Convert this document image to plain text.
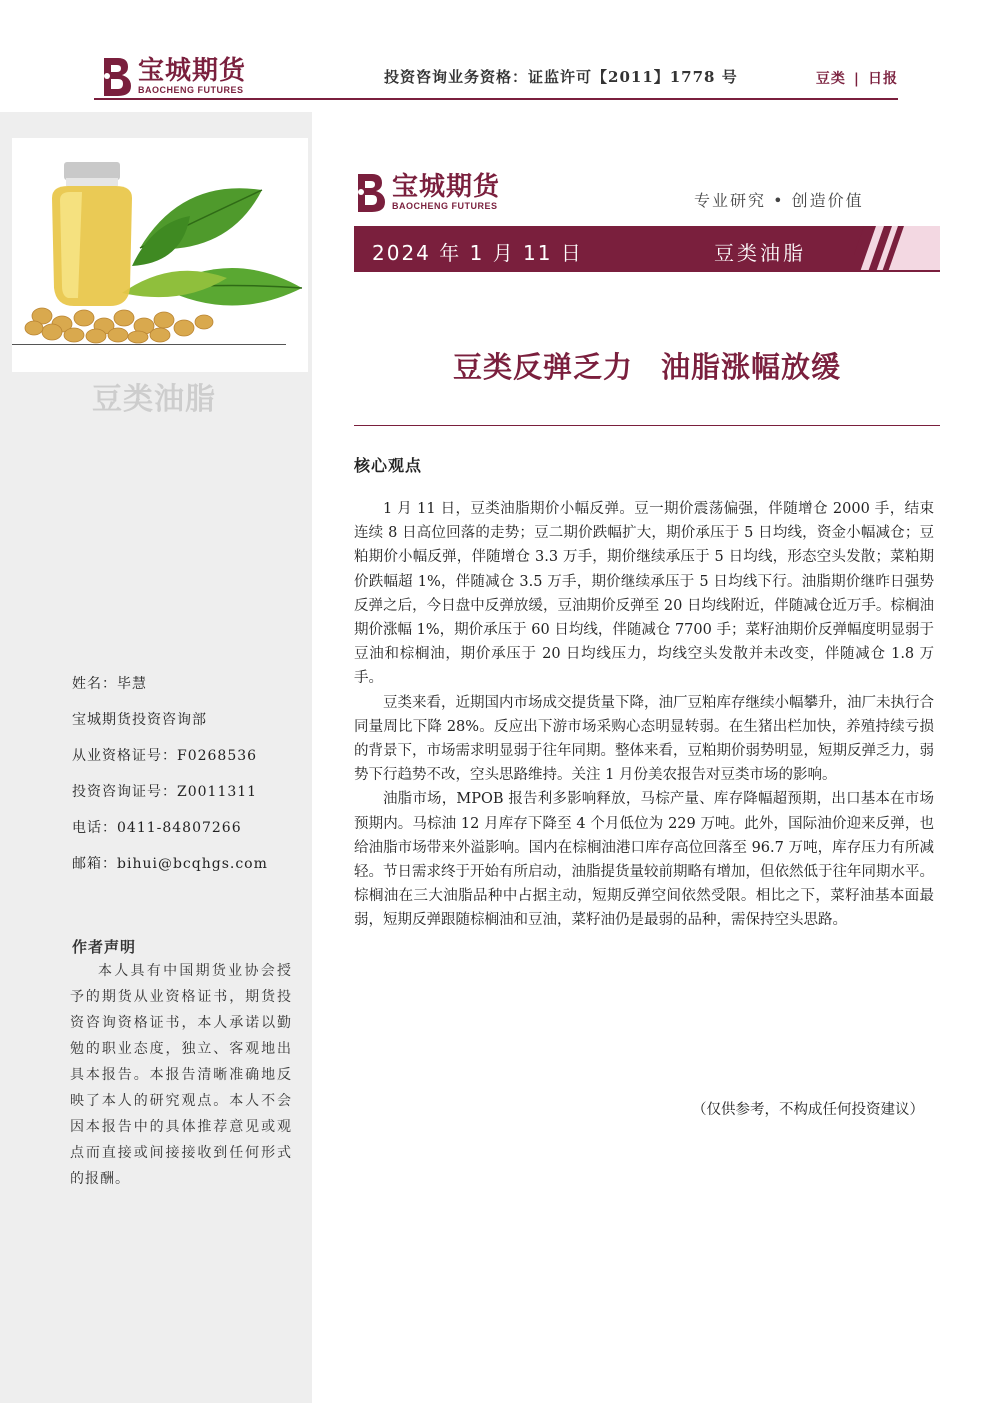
宝城期货
BAOCHENG FUTURES
投资咨询业务资格：证监许可【2011】1778 号	豆类 | 日报
豆类油脂
姓名：毕慧
宝城期货投资咨询部
从业资格证号：F0268536
投资咨询证号：Z0011311
电话：0411-84807266
邮箱：bihui@bcqhgs.com
作者声明
本人具有中国期货业协会授予的期货从业资格证书，期货投资咨询资格证书，本人承诺以勤勉的职业态度，独立、客观地出具本报告。本报告清晰准确地反映了本人的研究观点。本人不会因本报告中的具体推荐意见或观点而直接或间接接收到任何形式的报酬。
宝城期货
BAOCHENG FUTURES	专业研究 • 创造价值
2024 年 1 月 11 日	豆类油脂
豆类反弹乏力 油脂涨幅放缓
核心观点

1 月 11 日，豆类油脂期价小幅反弹。豆一期价震荡偏强，伴随增仓 2000 手，结束连续 8 日高位回落的走势；豆二期价跌幅扩大，期价承压于 5 日均线，资金小幅减仓；豆粕期价小幅反弹，伴随增仓 3.3 万手，期价继续承压于 5 日均线，形态空头发散；菜粕期价跌幅超 1%，伴随减仓 3.5 万手，期价继续承压于 5 日均线下行。油脂期价继昨日强势反弹之后，今日盘中反弹放缓，豆油期价反弹至 20 日均线附近，伴随减仓近万手。棕榈油期价涨幅 1%，期价承压于 60 日均线，伴随减仓 7700 手；菜籽油期价反弹幅度明显弱于豆油和棕榈油，期价承压于 20 日均线压力，均线空头发散并未改变，伴随减仓 1.8 万手。

豆类来看，近期国内市场成交提货量下降，油厂豆粕库存继续小幅攀升，油厂未执行合同量周比下降 28%。反应出下游市场采购心态明显转弱。在生猪出栏加快，养殖持续亏损的背景下，市场需求明显弱于往年同期。整体来看，豆粕期价弱势明显，短期反弹乏力，弱势下行趋势不改，空头思路维持。关注 1 月份美农报告对豆类市场的影响。

油脂市场，MPOB 报告利多影响释放，马棕产量、库存降幅超预期，出口基本在市场预期内。马棕油 12 月库存下降至 4 个月低位为 229 万吨。此外，国际油价迎来反弹，也给油脂市场带来外溢影响。国内在棕榈油港口库存高位回落至 96.7 万吨，库存压力有所减轻。节日需求终于开始有所启动，油脂提货量较前期略有增加，但依然低于往年同期水平。棕榈油在三大油脂品种中占据主动，短期反弹空间依然受限。相比之下，菜籽油基本面最弱，短期反弹跟随棕榈油和豆油，菜籽油仍是最弱的品种，需保持空头思路。

（仅供参考，不构成任何投资建议）
